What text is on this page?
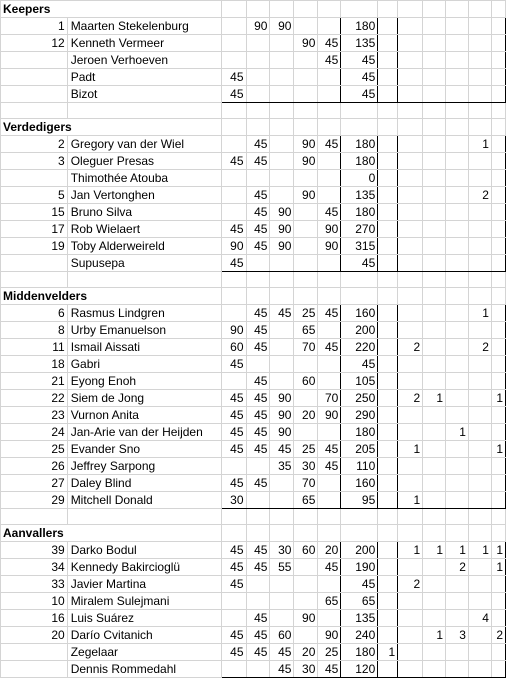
Keepers													
1	Maarten Stekelenburg		90	90			180						
12	Kenneth Vermeer				90	45	135						
	Jeroen Verhoeven					45	45						
	Padt	45					45						
	Bizot	45					45						

Verdedigers													
2	Gregory van der Wiel		45		90	45	180					1	
3	Oleguer Presas	45	45		90		180						
	Thimothée Atouba						0						
5	Jan Vertonghen		45		90		135					2	
15	Bruno Silva		45	90		45	180						
17	Rob Wielaert	45	45	90		90	270						
19	Toby Alderweireld	90	45	90		90	315						
	Supusepa	45					45						

Middenvelders													
6	Rasmus Lindgren		45	45	25	45	160					1	
8	Urby Emanuelson	90	45		65		200						
11	Ismail Aissati	60	45		70	45	220		2			2	
18	Gabri	45					45						
21	Eyong Enoh		45		60		105						
22	Siem de Jong	45	45	90		70	250		2	1			1
23	Vurnon Anita	45	45	90	20	90	290						
24	Jan-Arie van der Heijden	45	45	90			180				1		
25	Evander Sno	45	45	45	25	45	205		1				1
26	Jeffrey Sarpong			35	30	45	110						
27	Daley Blind	45	45		70		160						
29	Mitchell Donald	30			65		95		1				

Aanvallers													
39	Darko Bodul	45	45	30	60	20	200		1	1	1	1	1
34	Kennedy Bakircioglü	45	45	55		45	190				2		1
33	Javier Martina	45					45		2				
10	Miralem Sulejmani					65	65						
16	Luis Suárez		45		90		135					4	
20	Darío Cvitanich	45	45	60		90	240			1	3		2
	Zegelaar	45	45	45	20	25	180	1					
	Dennis Rommedahl			45	30	45	120						
